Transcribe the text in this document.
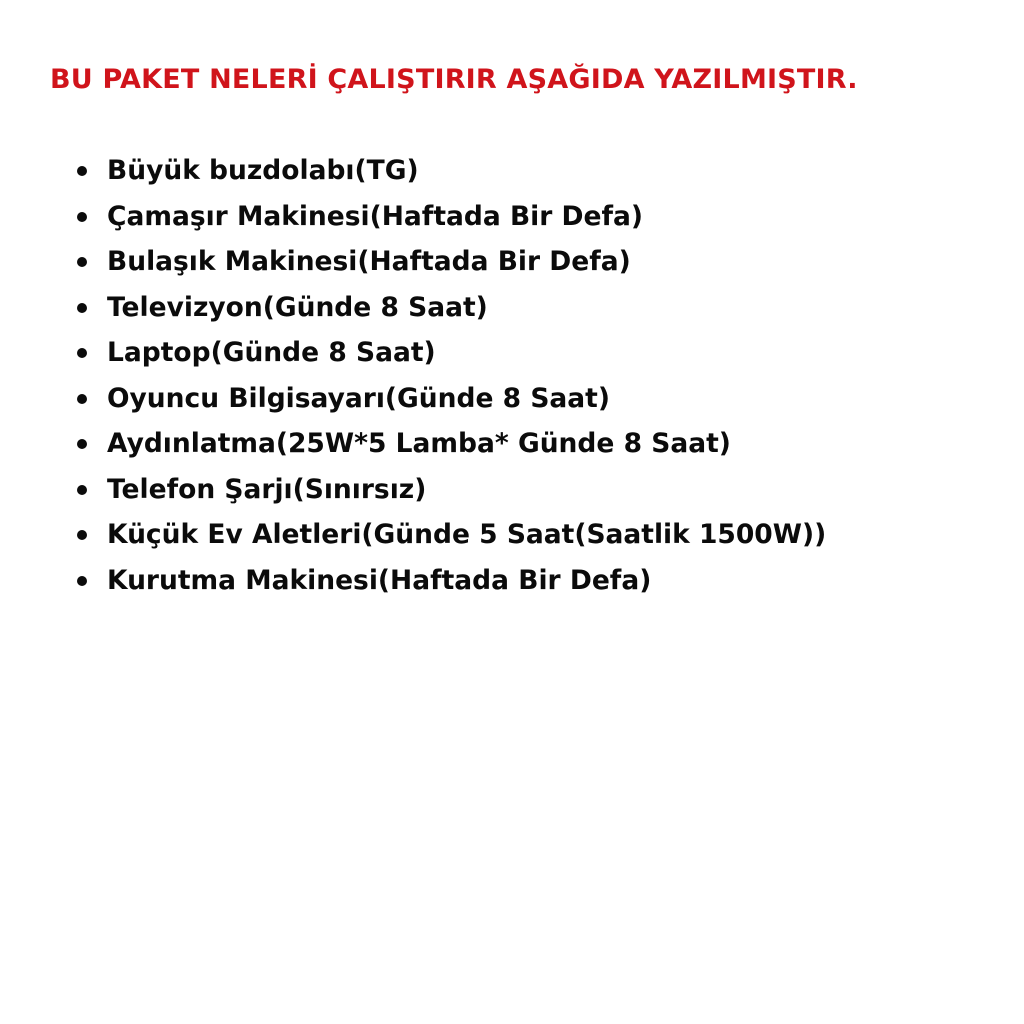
BU PAKET NELERİ ÇALIŞTIRIR AŞAĞIDA YAZILMIŞTIR.
Büyük buzdolabı(TG)
Çamaşır Makinesi(Haftada Bir Defa)
Bulaşık Makinesi(Haftada Bir Defa)
Televizyon(Günde 8 Saat)
Laptop(Günde 8 Saat)
Oyuncu Bilgisayarı(Günde 8 Saat)
Aydınlatma(25W*5 Lamba* Günde 8 Saat)
Telefon Şarjı(Sınırsız)
Küçük Ev Aletleri(Günde 5 Saat(Saatlik 1500W))
Kurutma Makinesi(Haftada Bir Defa)
